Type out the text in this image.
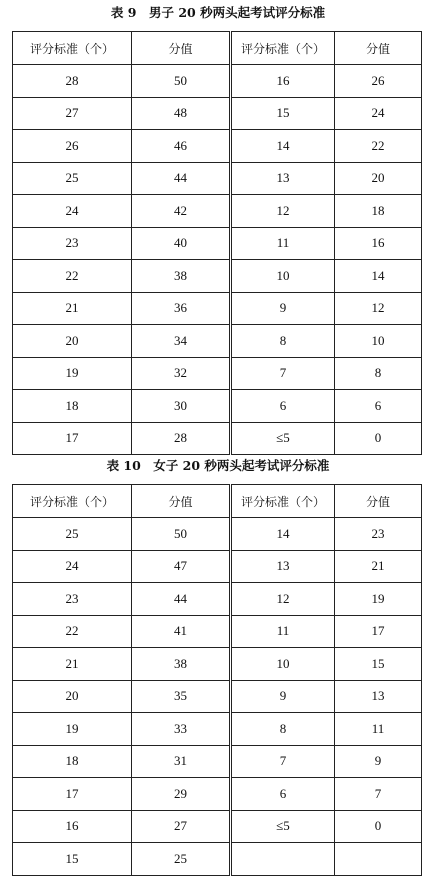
表 9　男子 20 秒两头起考试评分标准
评分标准（个）	分值	评分标准（个）	分值
28	50	16	26
27	48	15	24
26	46	14	22
25	44	13	20
24	42	12	18
23	40	11	16
22	38	10	14
21	36	9	12
20	34	8	10
19	32	7	8
18	30	6	6
17	28	≤5	0
表 10　女子 20 秒两头起考试评分标准
评分标准（个）	分值	评分标准（个）	分值
25	50	14	23
24	47	13	21
23	44	12	19
22	41	11	17
21	38	10	15
20	35	9	13
19	33	8	11
18	31	7	9
17	29	6	7
16	27	≤5	0
15	25		
